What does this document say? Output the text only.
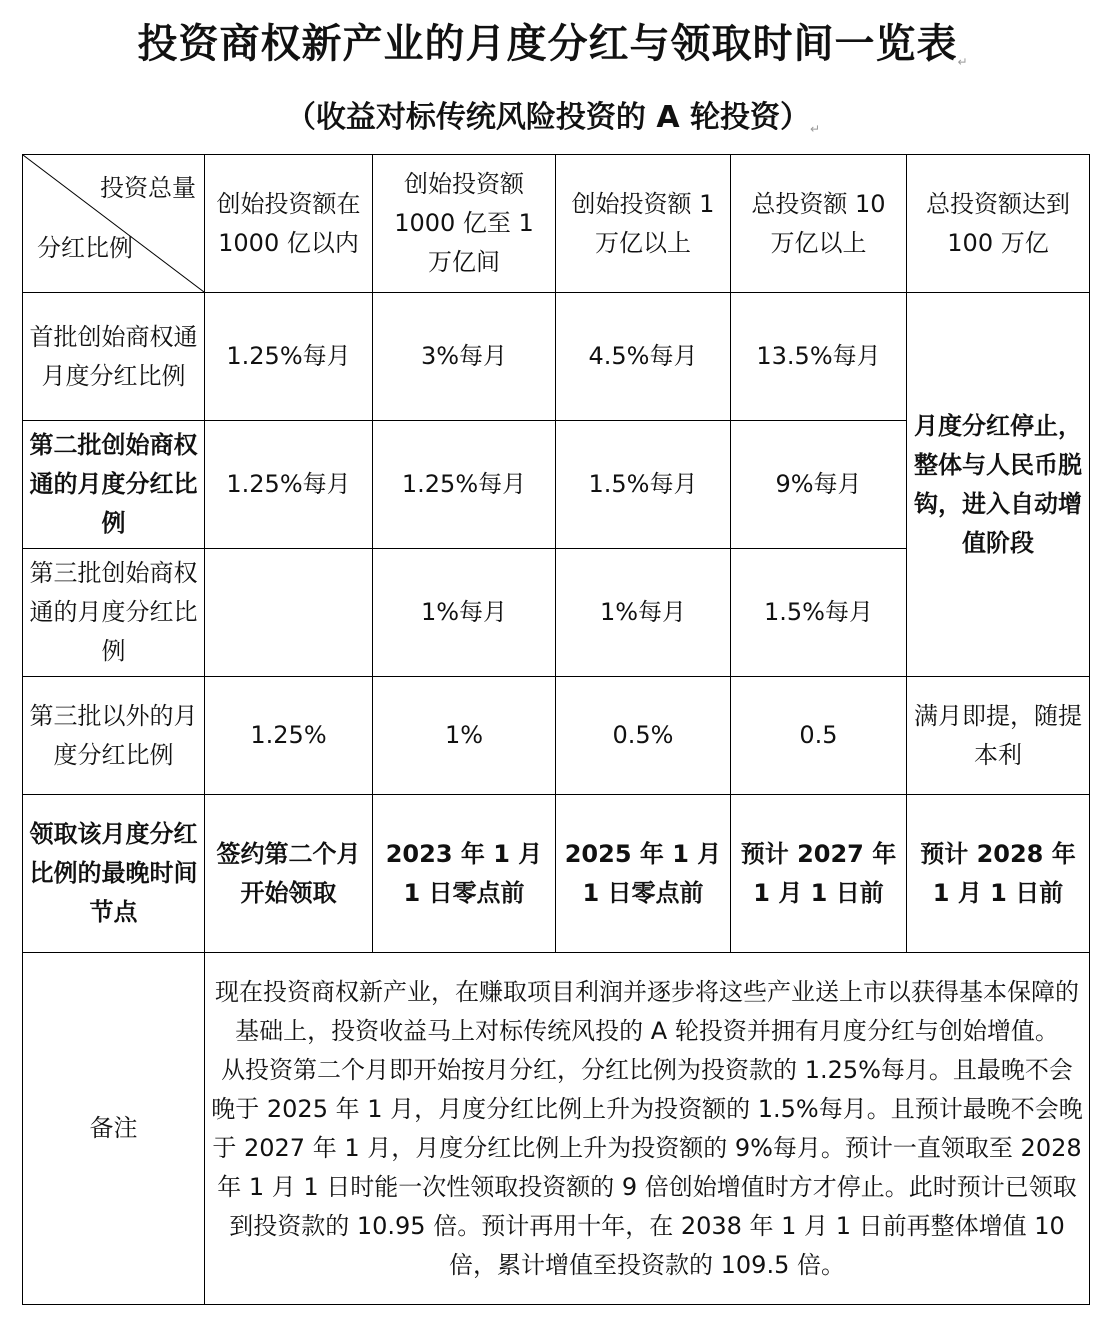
投资商权新产业的月度分红与领取时间一览表↵
（收益对标传统风险投资的 A 轮投资）↵
投资总量
分红比例	创始投资额在 1000 亿以内	创始投资额 1000 亿至 1 万亿间	创始投资额 1 万亿以上	总投资额 10 万亿以上	总投资额达到 100 万亿
首批创始商权通月度分红比例	1.25%每月	3%每月	4.5%每月	13.5%每月	月度分红停止，整体与人民币脱钩，进入自动增值阶段
第二批创始商权通的月度分红比例	1.25%每月	1.25%每月	1.5%每月	9%每月	
第三批创始商权通的月度分红比例		1%每月	1%每月	1.5%每月	
第三批以外的月度分红比例	1.25%	1%	0.5%	0.5	满月即提，随提本利
领取该月度分红比例的最晚时间节点	签约第二个月开始领取	2023 年 1 月 1 日零点前	2025 年 1 月 1 日零点前	预计 2027 年 1 月 1 日前	预计 2028 年 1 月 1 日前
备注	现在投资商权新产业，在赚取项目利润并逐步将这些产业送上市以获得基本保障的基础上，投资收益马上对标传统风投的 A 轮投资并拥有月度分红与创始增值。

从投资第二个月即开始按月分红，分红比例为投资款的 1.25%每月。且最晚不会晚于 2025 年 1 月，月度分红比例上升为投资额的 1.5%每月。且预计最晚不会晚于 2027 年 1 月，月度分红比例上升为投资额的 9%每月。预计一直领取至 2028 年 1 月 1 日时能一次性领取投资额的 9 倍创始增值时方才停止。此时预计已领取到投资款的 10.95 倍。预计再用十年，在 2038 年 1 月 1 日前再整体增值 10 倍，累计增值至投资款的 109.5 倍。				
